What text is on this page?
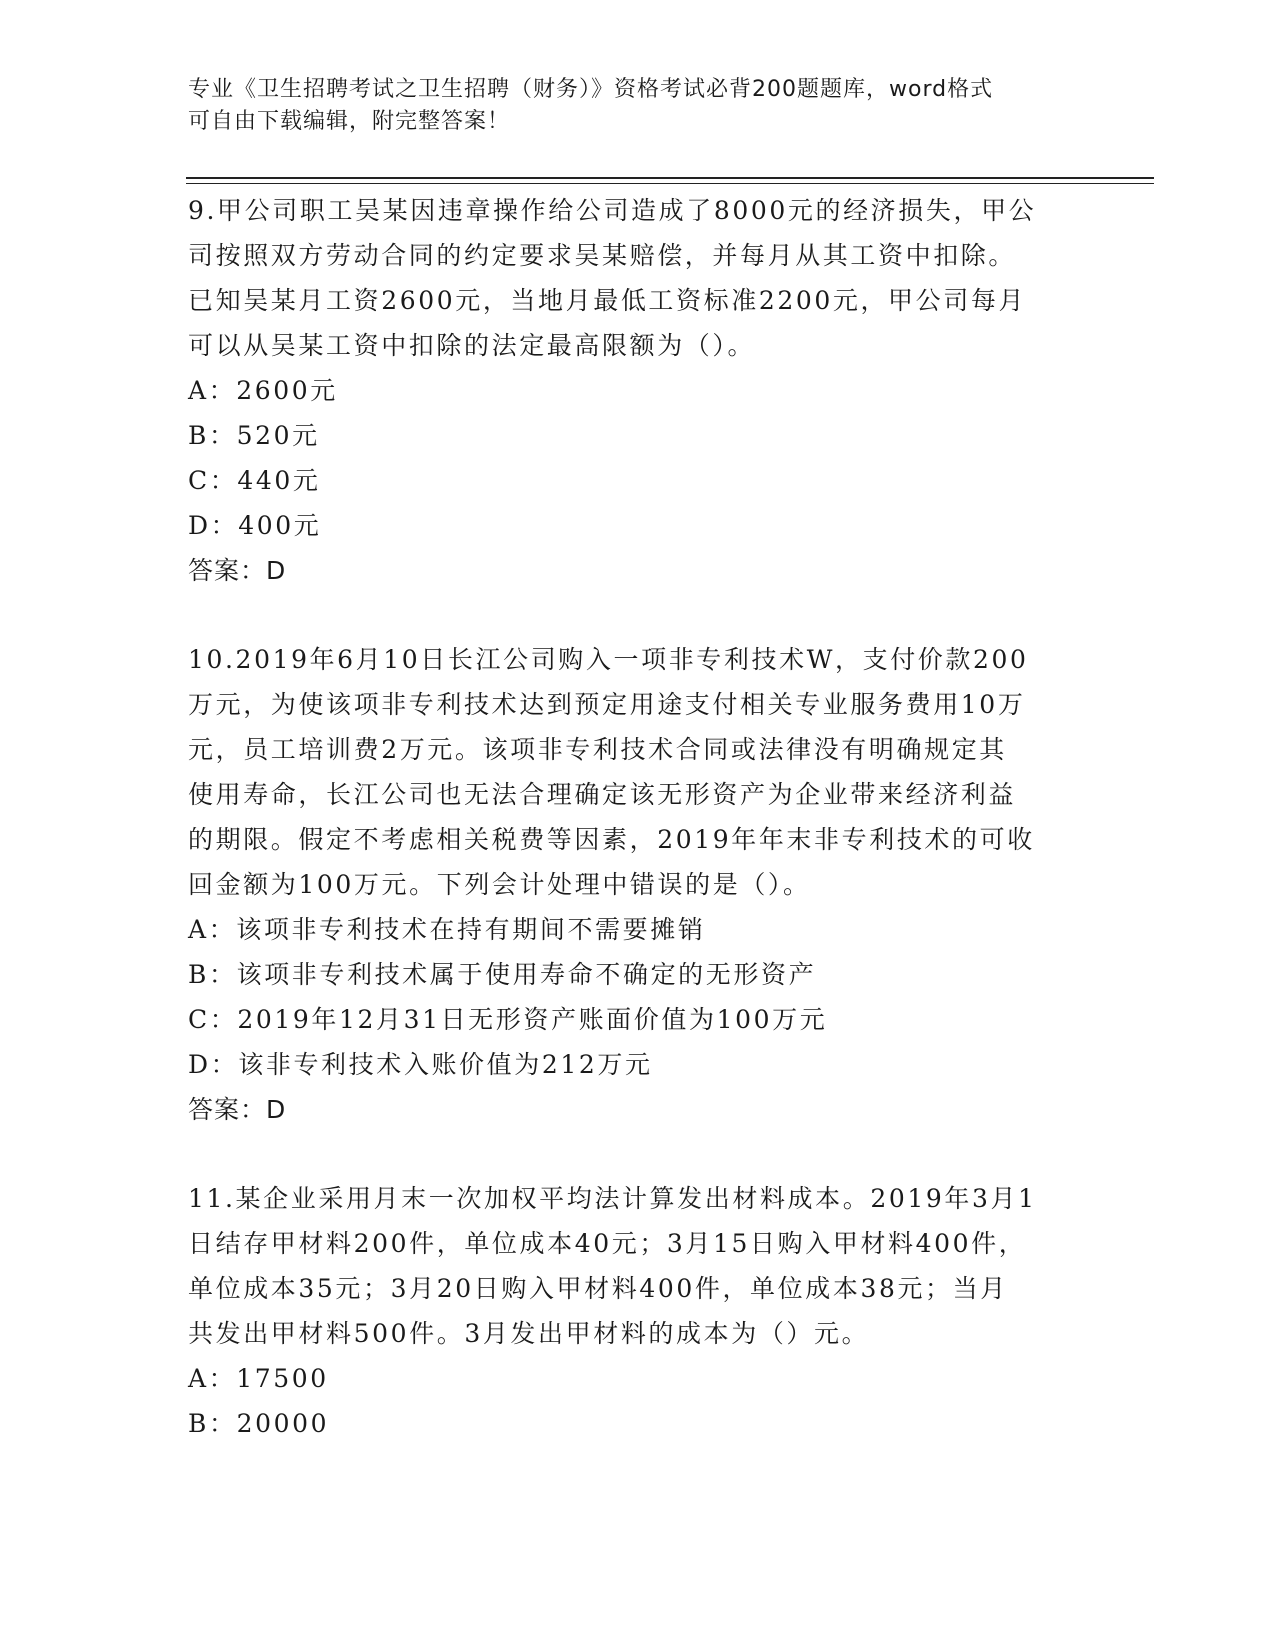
专业《卫生招聘考试之卫生招聘（财务）》资格考试必背200题题库，word格式
可自由下载编辑，附完整答案！

9.甲公司职工吴某因违章操作给公司造成了8000元的经济损失，甲公

司按照双方劳动合同的约定要求吴某赔偿，并每月从其工资中扣除。

已知吴某月工资2600元，当地月最低工资标准2200元，甲公司每月

可以从吴某工资中扣除的法定最高限额为（）。

A：2600元

B：520元

C：440元

D：400元

答案：D

10.2019年6月10日长江公司购入一项非专利技术W，支付价款200

万元，为使该项非专利技术达到预定用途支付相关专业服务费用10万

元，员工培训费2万元。该项非专利技术合同或法律没有明确规定其

使用寿命，长江公司也无法合理确定该无形资产为企业带来经济利益

的期限。假定不考虑相关税费等因素，2019年年末非专利技术的可收

回金额为100万元。下列会计处理中错误的是（）。

A：该项非专利技术在持有期间不需要摊销

B：该项非专利技术属于使用寿命不确定的无形资产

C：2019年12月31日无形资产账面价值为100万元

D：该非专利技术入账价值为212万元

答案：D

11.某企业采用月末一次加权平均法计算发出材料成本。2019年3月1

日结存甲材料200件，单位成本40元；3月15日购入甲材料400件，

单位成本35元；3月20日购入甲材料400件，单位成本38元；当月

共发出甲材料500件。3月发出甲材料的成本为（）元。

A：17500

B：20000
